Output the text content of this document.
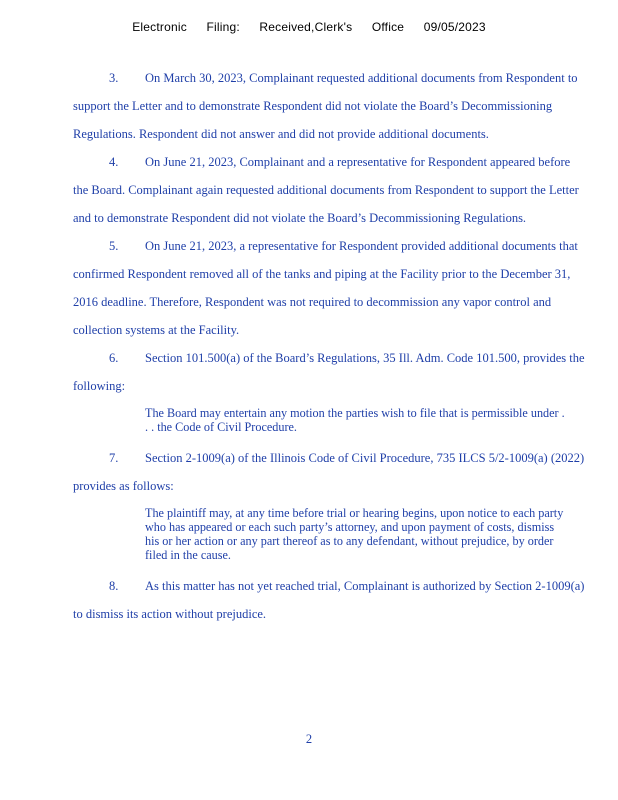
Electronic Filing: Received,Clerk's Office 09/05/2023

3. On March 30, 2023, Complainant requested additional documents from Respondent to support the Letter and to demonstrate Respondent did not violate the Board’s Decommissioning Regulations. Respondent did not answer and did not provide additional documents.

4. On June 21, 2023, Complainant and a representative for Respondent appeared before the Board. Complainant again requested additional documents from Respondent to support the Letter and to demonstrate Respondent did not violate the Board’s Decommissioning Regulations.

5. On June 21, 2023, a representative for Respondent provided additional documents that confirmed Respondent removed all of the tanks and piping at the Facility prior to the December 31, 2016 deadline. Therefore, Respondent was not required to decommission any vapor control and collection systems at the Facility.

6. Section 101.500(a) of the Board’s Regulations, 35 Ill. Adm. Code 101.500, provides the following:

The Board may entertain any motion the parties wish to file that is permissible under . . . the Code of Civil Procedure.

7. Section 2-1009(a) of the Illinois Code of Civil Procedure, 735 ILCS 5/2-1009(a) (2022) provides as follows:

The plaintiff may, at any time before trial or hearing begins, upon notice to each party who has appeared or each such party’s attorney, and upon payment of costs, dismiss his or her action or any part thereof as to any defendant, without prejudice, by order filed in the cause.

8. As this matter has not yet reached trial, Complainant is authorized by Section 2-1009(a) to dismiss its action without prejudice.

2
